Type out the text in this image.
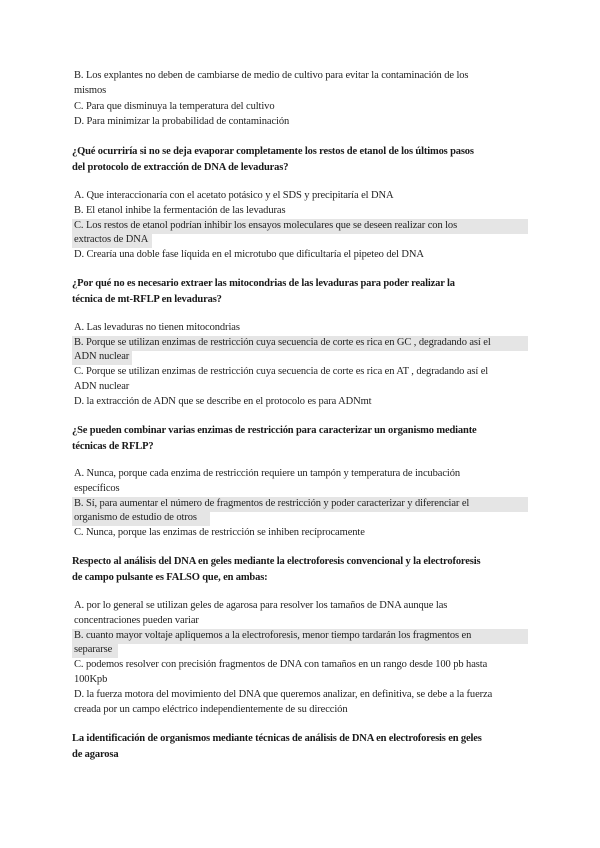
B. Los explantes no deben de cambiarse de medio de cultivo para evitar la contaminación de los
mismos
C. Para que disminuya la temperatura del cultivo
D. Para minimizar la probabilidad de contaminación
¿Qué ocurriría si no se deja evaporar completamente los restos de etanol de los últimos pasos
del protocolo de extracción de DNA de levaduras?
A. Que interaccionaría con el acetato potásico y el SDS y precipitaría el DNA
B. El etanol inhibe la fermentación de las levaduras
C. Los restos de etanol podrían inhibir los ensayos moleculares que se deseen realizar con los
extractos de DNA
D. Crearía una doble fase líquida en el microtubo que dificultaría el pipeteo del DNA
¿Por qué no es necesario extraer las mitocondrias de las levaduras para poder realizar la
técnica de mt-RFLP en levaduras?
A. Las levaduras no tienen mitocondrias
B. Porque se utilizan enzimas de restricción cuya secuencia de corte es rica en GC , degradando así el
ADN nuclear
C. Porque se utilizan enzimas de restricción cuya secuencia de corte es rica en AT , degradando así el
ADN nuclear
D. la extracción de ADN que se describe en el protocolo es para ADNmt
¿Se pueden combinar varias enzimas de restricción para caracterizar un organismo mediante
técnicas de RFLP?
A. Nunca, porque cada enzima de restricción requiere un tampón y temperatura de incubación
específicos
B. Sí, para aumentar el número de fragmentos de restricción y poder caracterizar y diferenciar el
organismo de estudio de otros
C. Nunca, porque las enzimas de restricción se inhiben recíprocamente
Respecto al análisis del DNA en geles mediante la electroforesis convencional y la electroforesis
de campo pulsante es FALSO que, en ambas:
A. por lo general se utilizan geles de agarosa para resolver los tamaños de DNA aunque las
concentraciones pueden variar
B. cuanto mayor voltaje apliquemos a la electroforesis, menor tiempo tardarán los fragmentos en
separarse
C. podemos resolver con precisión fragmentos de DNA con tamaños en un rango desde 100 pb hasta
100Kpb
D. la fuerza motora del movimiento del DNA que queremos analizar, en definitiva, se debe a la fuerza
creada por un campo eléctrico independientemente de su dirección
La identificación de organismos mediante técnicas de análisis de DNA en electroforesis en geles
de agarosa
